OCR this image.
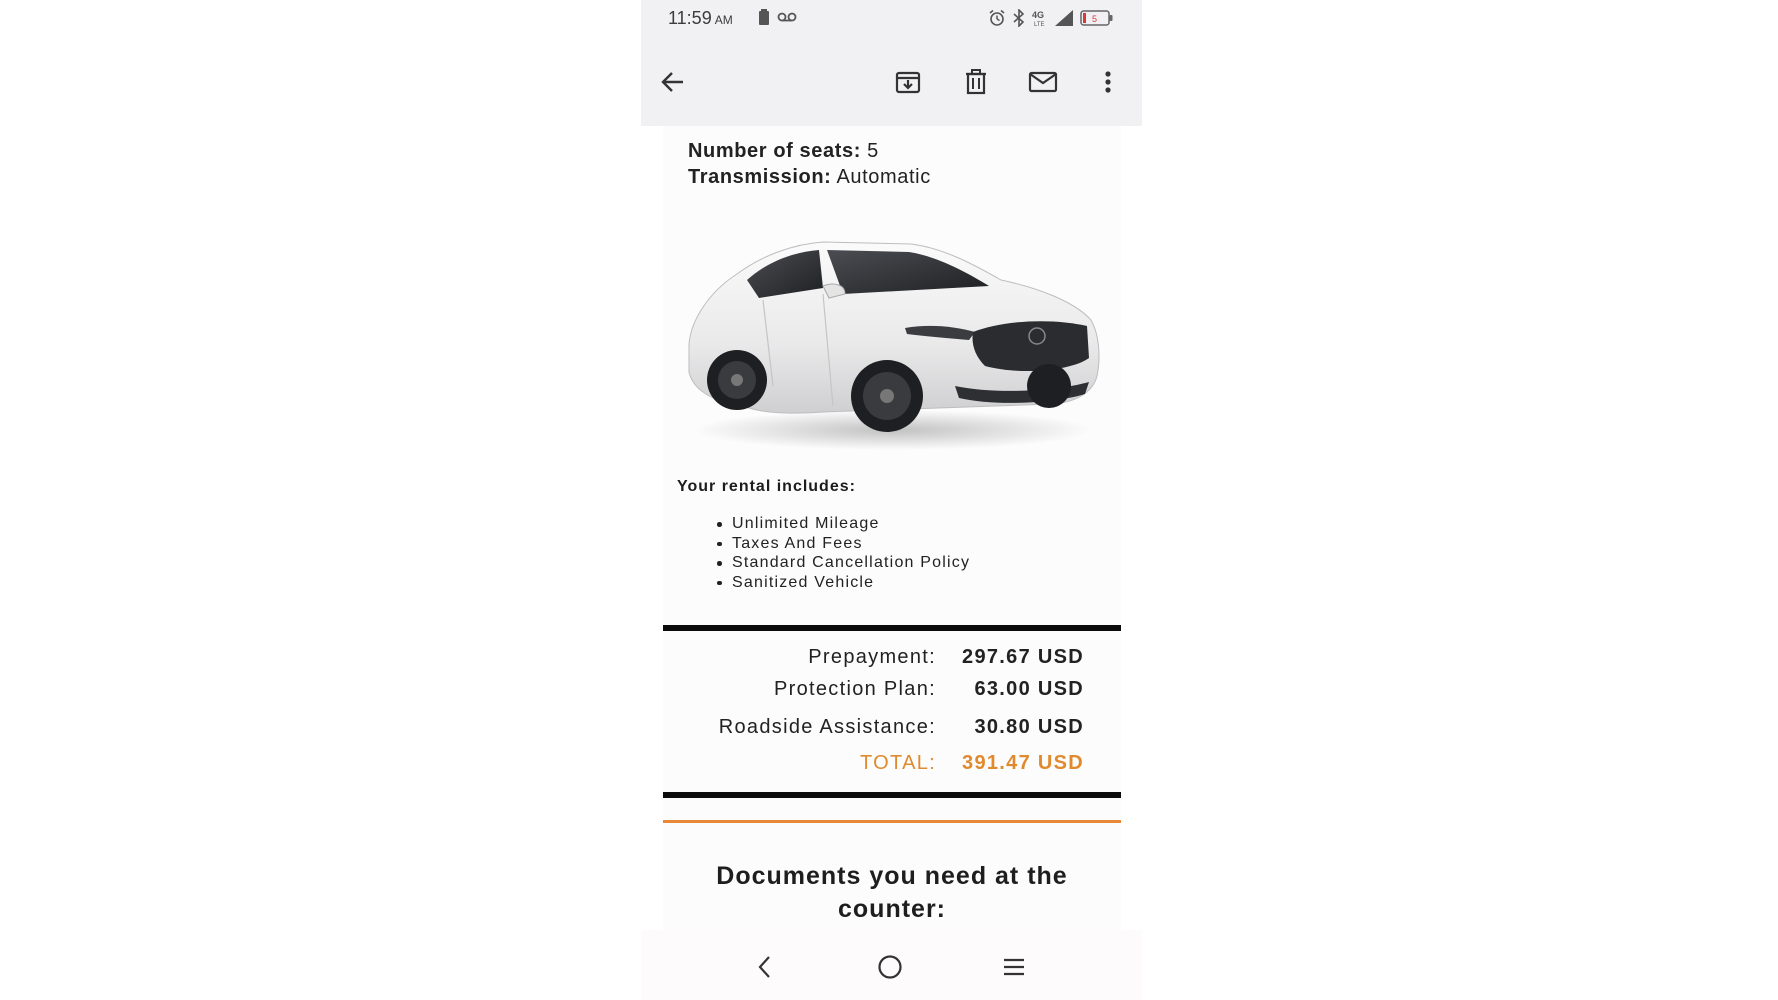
11:59 AM	4G
LTE
5
Number of seats: 5
Transmission: Automatic
Your rental includes:
Unlimited Mileage
Taxes And Fees
Standard Cancellation Policy
Sanitized Vehicle
Prepayment: 297.67 USD
Protection Plan: 63.00 USD
Roadside Assistance: 30.80 USD
TOTAL: 391.47 USD
Documents you need at the counter:
